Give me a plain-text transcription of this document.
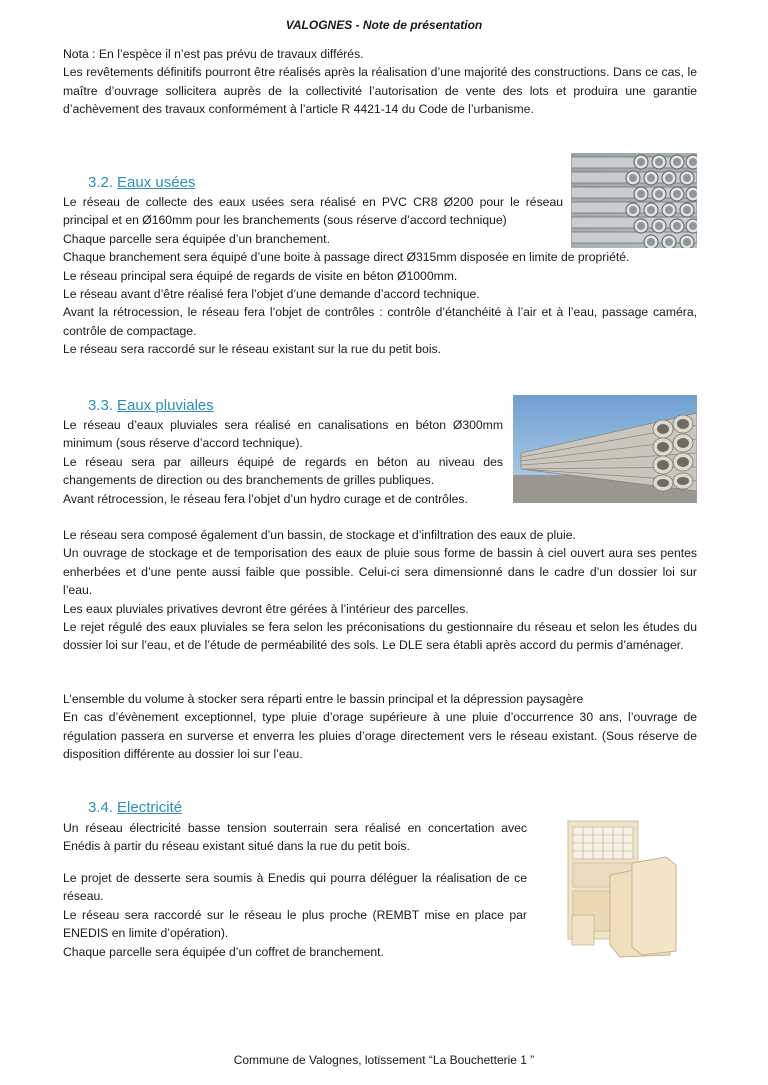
VALOGNES - Note de présentation

Nota : En l’espèce il n’est pas prévu de travaux différés.

Les revêtements définitifs pourront être réalisés après la réalisation d’une majorité des constructions. Dans ce cas, le maître d’ouvrage sollicitera auprès de la collectivité l’autorisation de vente des lots et produira une garantie d’achèvement des travaux conformément à l’article R 4421-14 du Code de l’urbanisme.

3.2. Eaux usées

Le réseau de collecte des eaux usées sera réalisé en PVC CR8 Ø200 pour le réseau principal et en Ø160mm pour les branchements (sous réserve d’accord technique)

Chaque parcelle sera équipée d’un branchement.

Chaque branchement sera équipé d’une boite à passage direct Ø315mm disposée en limite de propriété.

Le réseau principal sera équipé de regards de visite en béton Ø1000mm.

Le réseau avant d’être réalisé fera l’objet d’une demande d’accord technique.

Avant la rétrocession, le réseau fera l’objet de contrôles : contrôle d’étanchéité à l’air et à l’eau, passage caméra, contrôle de compactage.

Le réseau sera raccordé sur le réseau existant sur la rue du petit bois.

3.3. Eaux pluviales

Le réseau d’eaux pluviales sera réalisé en canalisations en béton Ø300mm minimum (sous réserve d’accord technique).

Le réseau sera par ailleurs équipé de regards en béton au niveau des changements de direction ou des branchements de grilles publiques.

Avant rétrocession, le réseau fera l’objet d’un hydro curage et de contrôles.

Le réseau sera composé également d’un bassin, de stockage et d’infiltration des eaux de pluie.

Un ouvrage de stockage et de temporisation des eaux de pluie sous forme de bassin à ciel ouvert aura ses pentes enherbées et d’une pente aussi faible que possible. Celui-ci sera dimensionné dans le cadre d’un dossier loi sur l’eau.

Les eaux pluviales privatives devront être gérées à l’intérieur des parcelles.

Le rejet régulé des eaux pluviales se fera selon les préconisations du gestionnaire du réseau et selon les études du dossier loi sur l’eau, et de l’étude de perméabilité des sols. Le DLE sera établi après accord du permis d’aménager.

L’ensemble du volume à stocker sera réparti entre le bassin principal et la dépression paysagère

En cas d’évènement exceptionnel, type pluie d’orage supérieure à une pluie d’occurrence 30 ans, l’ouvrage de régulation passera en surverse et enverra les pluies d’orage directement vers le réseau existant. (Sous réserve de disposition différente au dossier loi sur l’eau.

3.4. Electricité

Un réseau électricité basse tension souterrain sera réalisé en concertation avec Enédis à partir du réseau existant situé dans la rue du petit bois.

Le projet de desserte sera soumis à Enedis qui pourra déléguer la réalisation de ce réseau.

Le réseau sera raccordé sur le réseau le plus proche (REMBT mise en place par ENEDIS en limite d’opération).

Chaque parcelle sera équipée d’un coffret de branchement.

Commune de Valognes, lotissement “La Bouchetterie 1 ”
